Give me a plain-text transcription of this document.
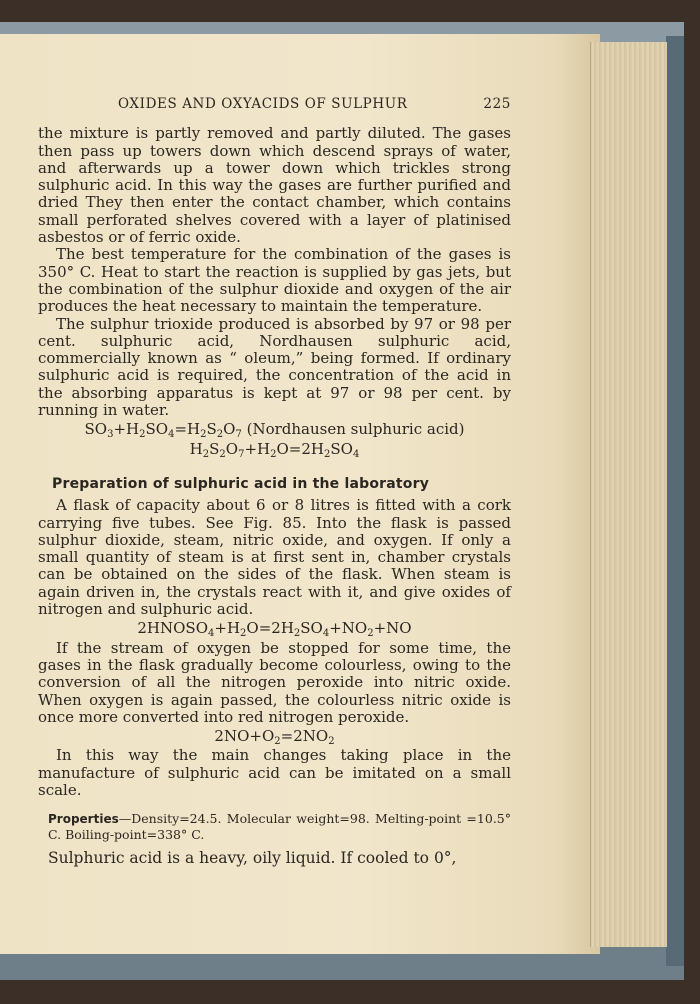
OXIDES AND OXYACIDS OF SULPHUR	225

the mixture is partly removed and partly diluted. The gases then pass up towers down which descend sprays of water, and afterwards up a tower down which trickles strong sulphuric acid. In this way the gases are further purified and dried They then enter the contact chamber, which contains small perforated shelves covered with a layer of platinised asbestos or of ferric oxide.

The best temperature for the combination of the gases is 350° C. Heat to start the reaction is supplied by gas jets, but the combination of the sulphur dioxide and oxygen of the air produces the heat necessary to maintain the temperature.

The sulphur trioxide produced is absorbed by 97 or 98 per cent. sulphuric acid, Nordhausen sulphuric acid, commercially known as “ oleum,” being formed. If ordinary sulphuric acid is required, the concentration of the acid in the absorbing apparatus is kept at 97 or 98 per cent. by running in water.

$SO_3+H_2SO_4=H_2S_2O_7$ (Nordhausen sulphuric acid)
$H_2S_2O_7+H_2O=2H_2SO_4$
Preparation of sulphuric acid in the laboratory

A flask of capacity about 6 or 8 litres is fitted with a cork carrying five tubes. See Fig. 85. Into the flask is passed sulphur dioxide, steam, nitric oxide, and oxygen. If only a small quantity of steam is at first sent in, chamber crystals can be obtained on the sides of the flask. When steam is again driven in, the crystals react with it, and give oxides of nitrogen and sulphuric acid.

$2HNOSO_4+H_2O=2H_2SO_4+NO_2+NO$

If the stream of oxygen be stopped for some time, the gases in the flask gradually become colourless, owing to the conversion of all the nitrogen peroxide into nitric oxide. When oxygen is again passed, the colourless nitric oxide is once more converted into red nitrogen peroxide.

$2NO+O_2=2NO_2$

In this way the main changes taking place in the manufacture of sulphuric acid can be imitated on a small scale.

Properties—Density=24.5. Molecular weight=98. Melting-point =10.5° C. Boiling-point=338° C.

Sulphuric acid is a heavy, oily liquid. If cooled to 0°,
